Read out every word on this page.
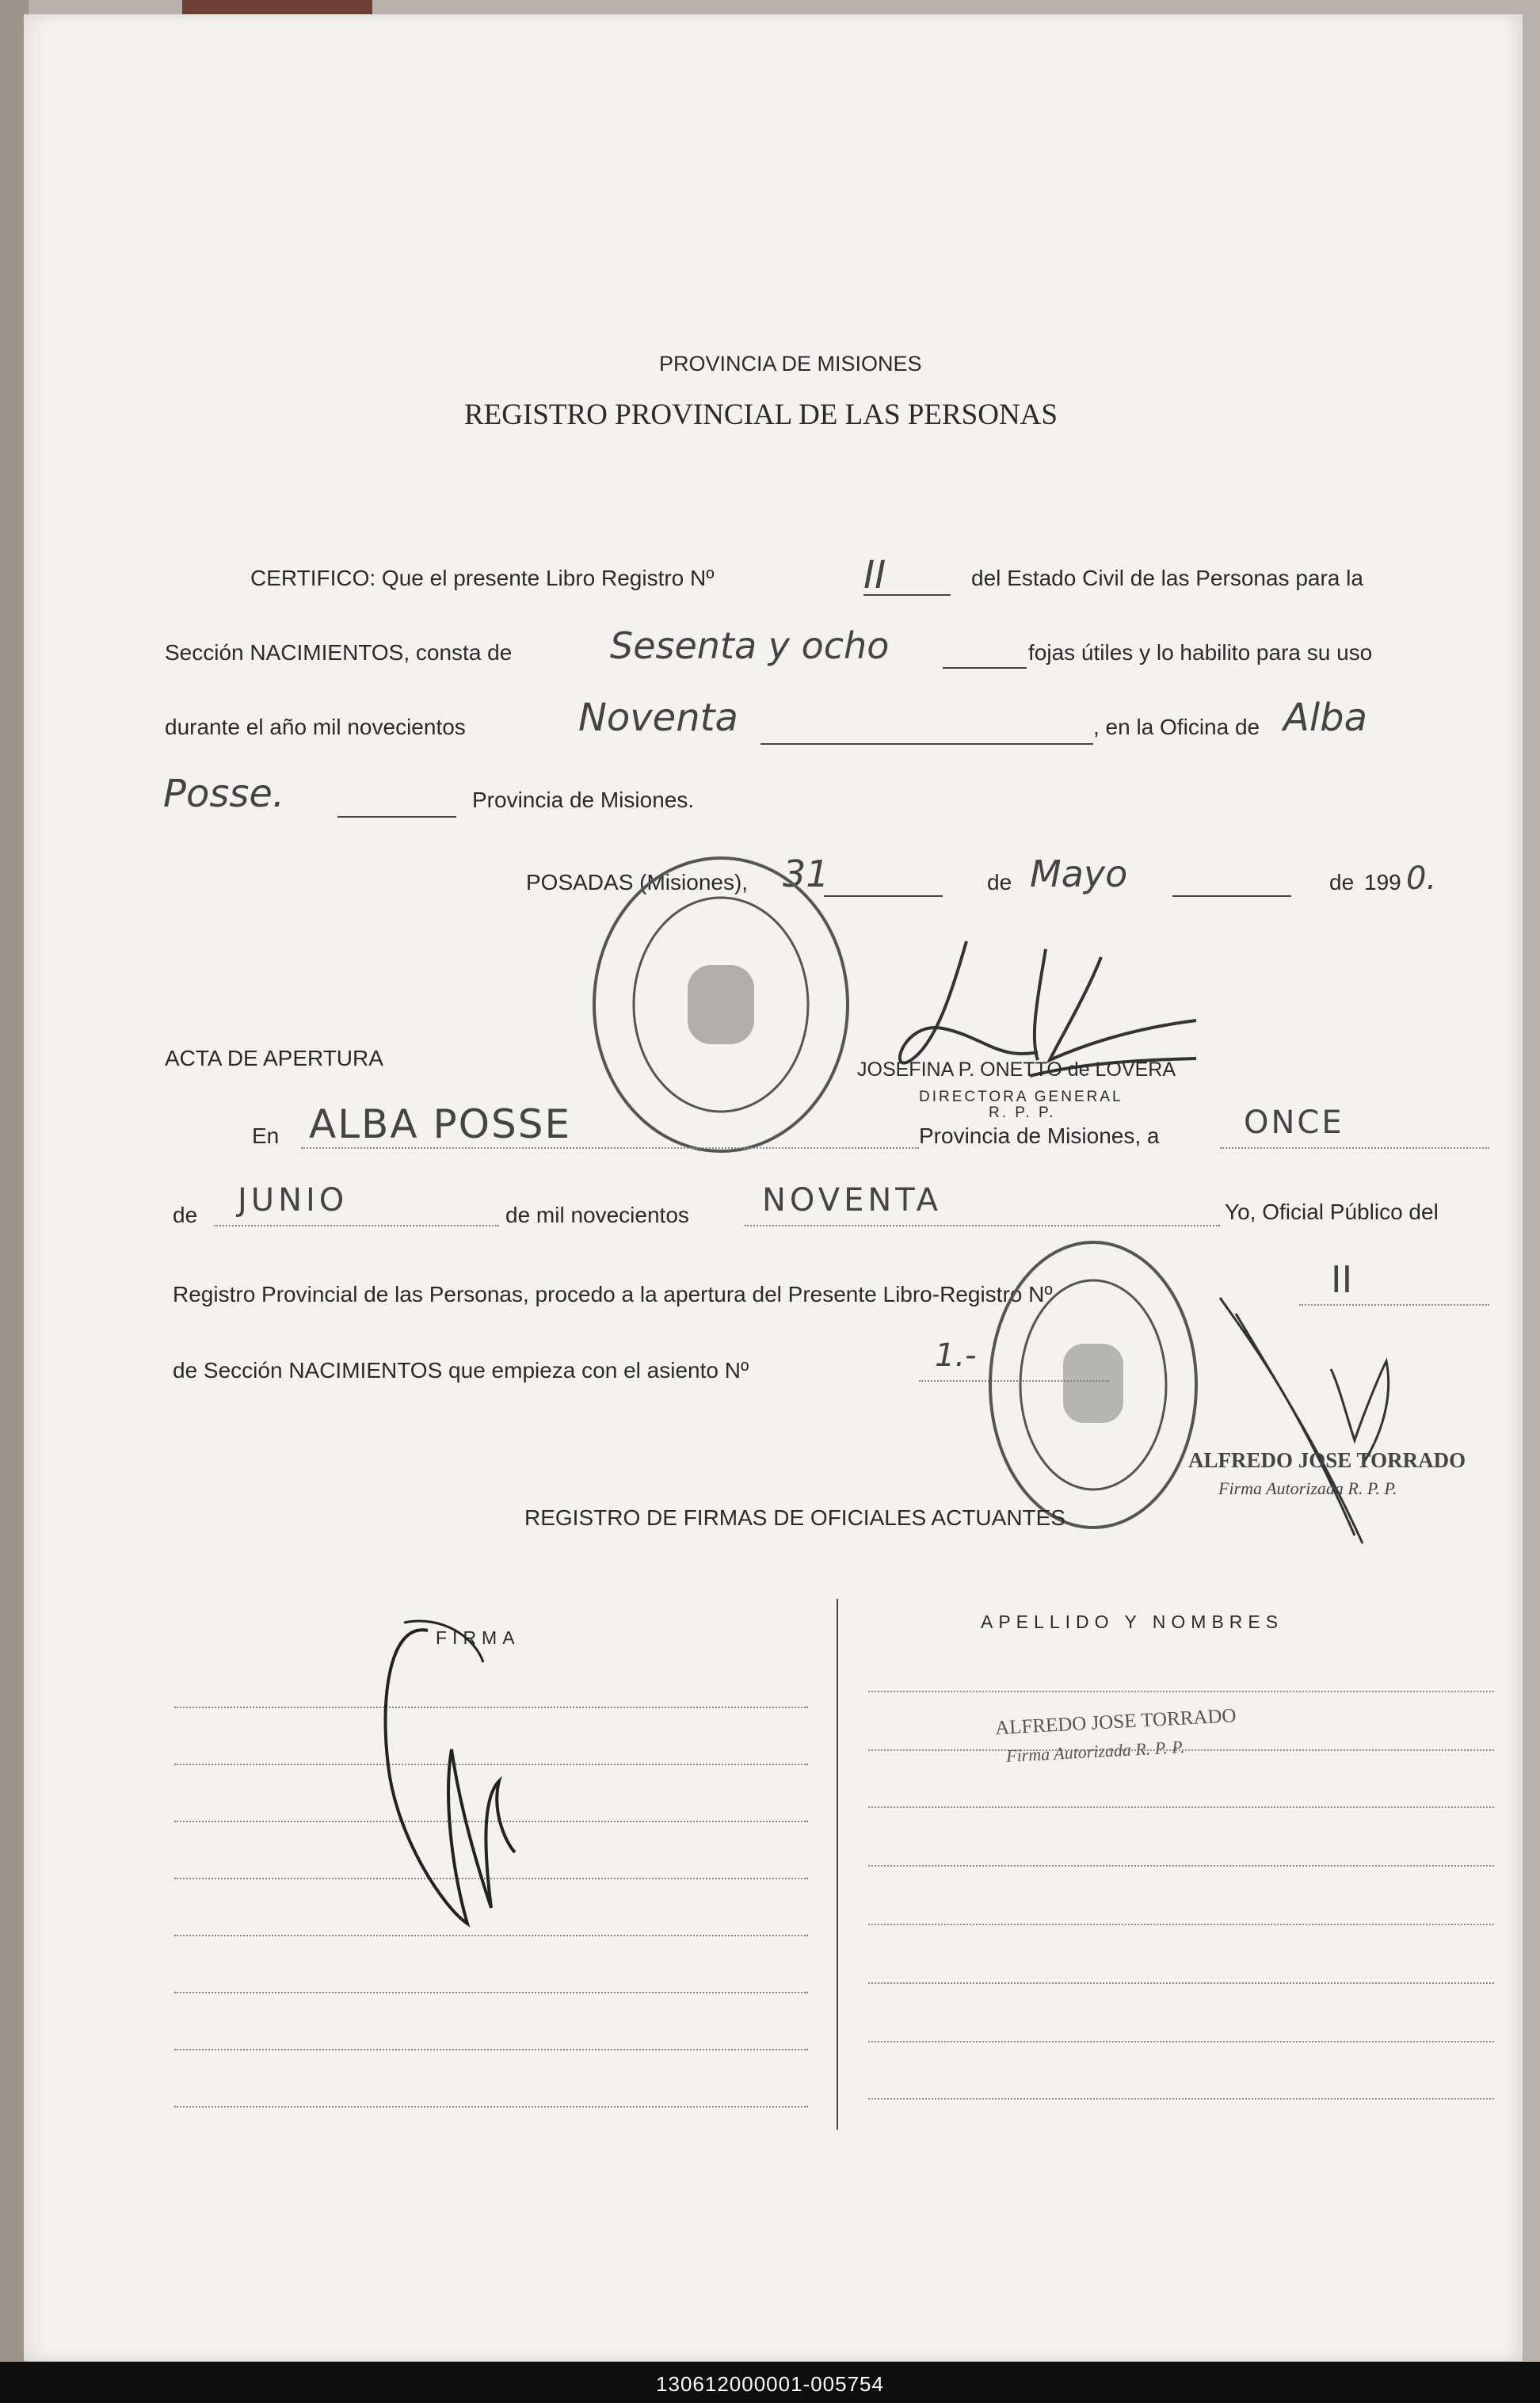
PROVINCIA DE MISIONES
REGISTRO PROVINCIAL DE LAS PERSONAS
CERTIFICO: Que el presente Libro Registro Nº	II	del Estado Civil de las Personas para la
Sección NACIMIENTOS, consta de	Sesenta y ocho	fojas útiles y lo habilito para su uso
durante el año mil novecientos	Noventa	, en la Oficina de Alba
Posse.	Provincia de Misiones.
POSADAS (Misiones), 31	de Mayo	de 199 0.
JOSEFINA P. ONETTO de LOVERA
DIRECTORA GENERAL
R. P. P.
ACTA DE APERTURA
En ALBA POSSE	Provincia de Misiones, a	ONCE
de JUNIO	de mil novecientos NOVENTA	Yo, Oficial Público del
Registro Provincial de las Personas, procedo a la apertura del Presente Libro-Registro Nº	II
de Sección NACIMIENTOS que empieza con el asiento Nº	1.-
ALFREDO JOSE TORRADO
Firma Autorizada R. P. P.
REGISTRO DE FIRMAS DE OFICIALES ACTUANTES
FIRMA
APELLIDO Y NOMBRES
ALFREDO JOSE TORRADO
Firma Autorizada R. P. P.
130612000001-005754
